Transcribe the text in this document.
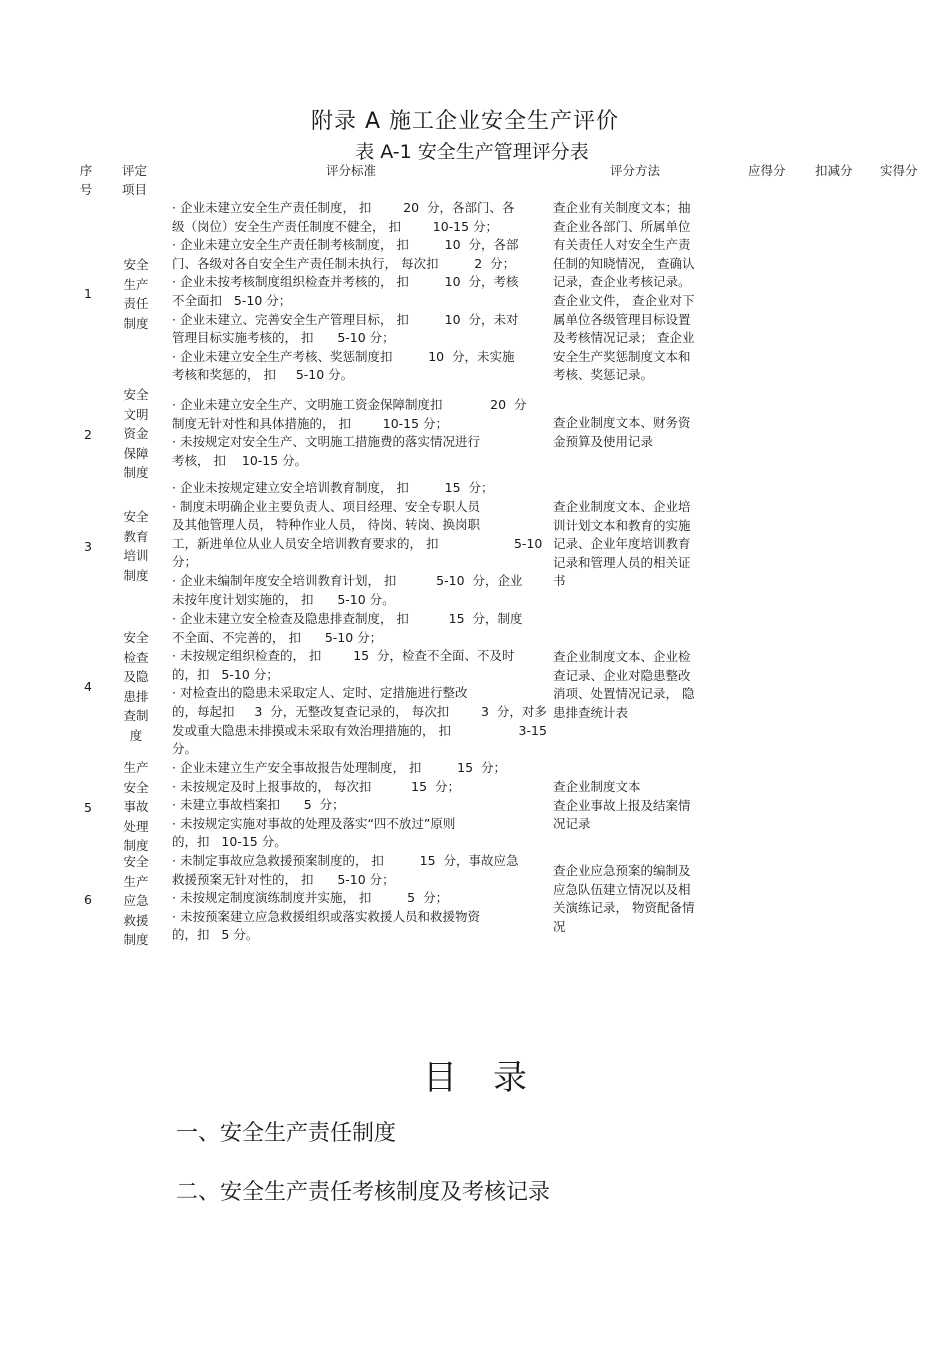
附录 A 施工企业安全生产评价
表 A-1 安全生产管理评分表
序
号
评定
项目
评分标准	评分方法	应得分 扣减分 实得分
1
安全
生产
责任
制度
· 企业未建立安全生产责任制度， 扣        20  分，各部门、各
级（岗位）安全生产责任制度不健全， 扣        10-15 分；
· 企业未建立安全生产责任制考核制度， 扣         10  分，各部
门、各级对各自安全生产责任制未执行， 每次扣         2  分；
· 企业未按考核制度组织检查并考核的， 扣         10  分，考核
不全面扣   5-10 分；
· 企业未建立、完善安全生产管理目标， 扣         10  分，未对
管理目标实施考核的， 扣      5-10 分；
· 企业未建立安全生产考核、奖惩制度扣         10  分，未实施
考核和奖惩的， 扣     5-10 分。
查企业有关制度文本；抽
查企业各部门、所属单位
有关责任人对安全生产责
任制的知晓情况， 查确认
记录，查企业考核记录。
查企业文件， 查企业对下
属单位各级管理目标设置
及考核情况记录； 查企业
安全生产奖惩制度文本和
考核、奖惩记录。
2
安全
文明
资金
保障
制度
· 企业未建立安全生产、文明施工资金保障制度扣            20  分
制度无针对性和具体措施的， 扣        10-15 分；
· 未按规定对安全生产、文明施工措施费的落实情况进行
考核， 扣    10-15 分。
查企业制度文本、财务资
金预算及使用记录
3
安全
教育
培训
制度
· 企业未按规定建立安全培训教育制度， 扣         15  分；
· 制度未明确企业主要负责人、项目经理、安全专职人员
及其他管理人员， 特种作业人员， 待岗、转岗、换岗职
工，新进单位从业人员安全培训教育要求的， 扣                   5-10
分；
· 企业未编制年度安全培训教育计划， 扣          5-10  分，企业
未按年度计划实施的， 扣      5-10 分。
查企业制度文本、企业培
训计划文本和教育的实施
记录、企业年度培训教育
记录和管理人员的相关证
书
4
安全
检查
及隐
患排
查制
度
· 企业未建立安全检查及隐患排查制度， 扣          15  分，制度
不全面、不完善的， 扣      5-10 分；
· 未按规定组织检查的， 扣        15  分，检查不全面、不及时
的，扣   5-10 分；
· 对检查出的隐患未采取定人、定时、定措施进行整改
的，每起扣     3  分，无整改复查记录的， 每次扣        3  分，对多
发或重大隐患未排摸或未采取有效治理措施的， 扣                 3-15
分。
查企业制度文本、企业检
查记录、企业对隐患整改
消项、处置情况记录， 隐
患排查统计表
5
生产
安全
事故
处理
制度
· 企业未建立生产安全事故报告处理制度， 扣         15  分；
· 未按规定及时上报事故的， 每次扣          15  分；
· 未建立事故档案扣      5  分；
· 未按规定实施对事故的处理及落实“四不放过”原则
的，扣   10-15 分。
查企业制度文本
查企业事故上报及结案情
况记录
6
安全
生产
应急
救援
制度
· 未制定事故应急救援预案制度的， 扣         15  分，事故应急
救援预案无针对性的， 扣      5-10 分；
· 未按规定制度演练制度并实施， 扣         5  分；
· 未按预案建立应急救援组织或落实救援人员和救援物资
的，扣   5 分。
查企业应急预案的编制及
应急队伍建立情况以及相
关演练记录， 物资配备情
况
目录
一、安全生产责任制度
二、安全生产责任考核制度及考核记录
